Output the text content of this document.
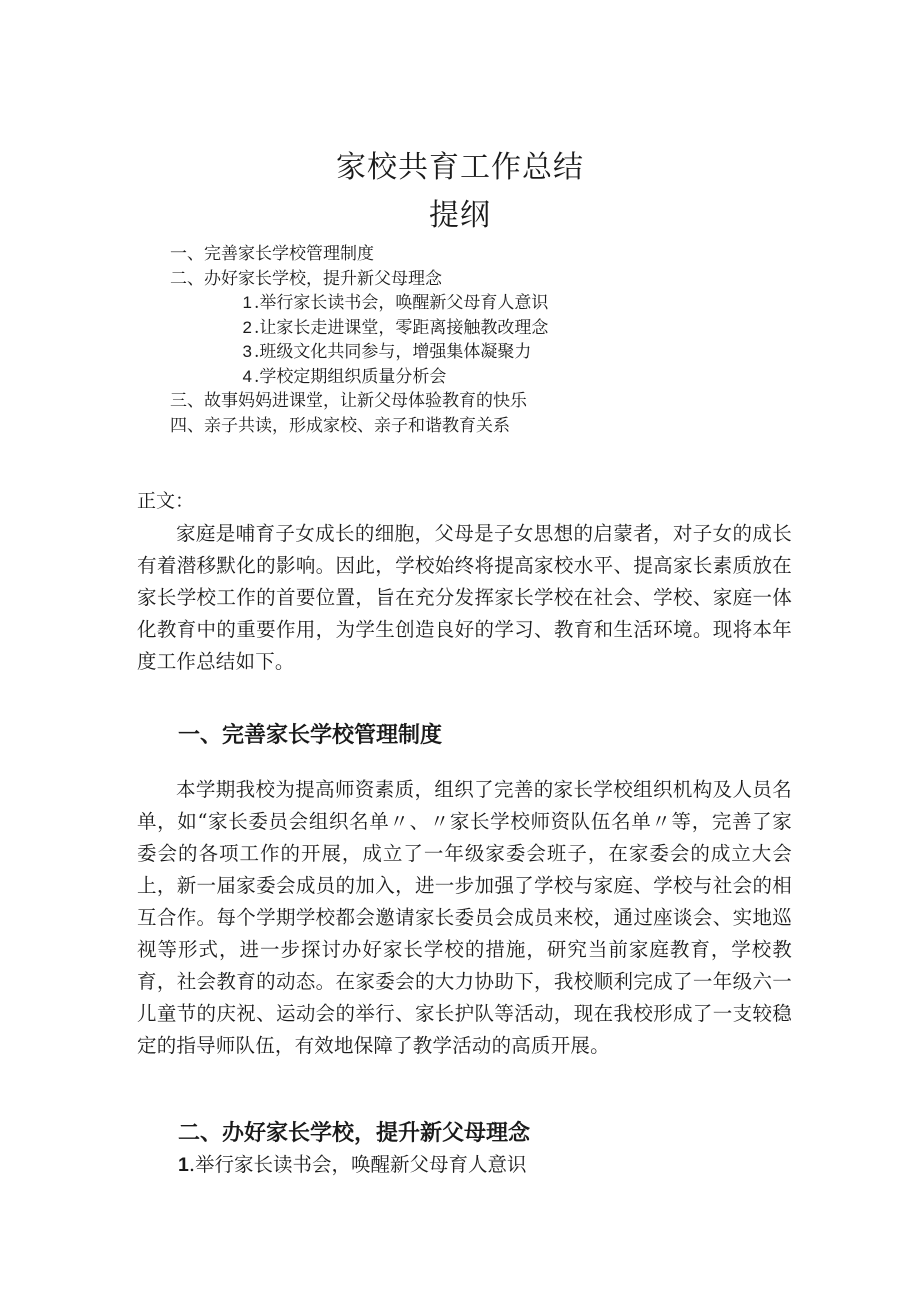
家校共育工作总结
提纲
一、完善家长学校管理制度
二、办好家长学校，提升新父母理念
1 .举行家长读书会，唤醒新父母育人意识
2 .让家长走进课堂，零距离接触教改理念
3 .班级文化共同参与，增强集体凝聚力
4 .学校定期组织质量分析会
三、故事妈妈进课堂，让新父母体验教育的快乐
四、亲子共读，形成家校、亲子和谐教育关系
正文：
家庭是哺育子女成长的细胞，父母是子女思想的启蒙者，对子女的成长有着潜移默化的影响。因此，学校始终将提高家校水平、提高家长素质放在家长学校工作的首要位置，旨在充分发挥家长学校在社会、学校、家庭一体化教育中的重要作用，为学生创造良好的学习、教育和生活环境。现将本年度工作总结如下。
一、完善家长学校管理制度
本学期我校为提高师资素质，组织了完善的家长学校组织机构及人员名单，如“家长委员会组织名单〃、〃家长学校师资队伍名单〃等，完善了家委会的各项工作的开展，成立了一年级家委会班子，在家委会的成立大会上，新一届家委会成员的加入，进一步加强了学校与家庭、学校与社会的相互合作。每个学期学校都会邀请家长委员会成员来校，通过座谈会、实地巡视等形式，进一步探讨办好家长学校的措施，研究当前家庭教育，学校教育，社会教育的动态。在家委会的大力协助下，我校顺利完成了一年级六一儿童节的庆祝、运动会的举行、家长护队等活动，现在我校形成了一支较稳定的指导师队伍，有效地保障了教学活动的高质开展。
二、办好家长学校，提升新父母理念
1.举行家长读书会，唤醒新父母育人意识
